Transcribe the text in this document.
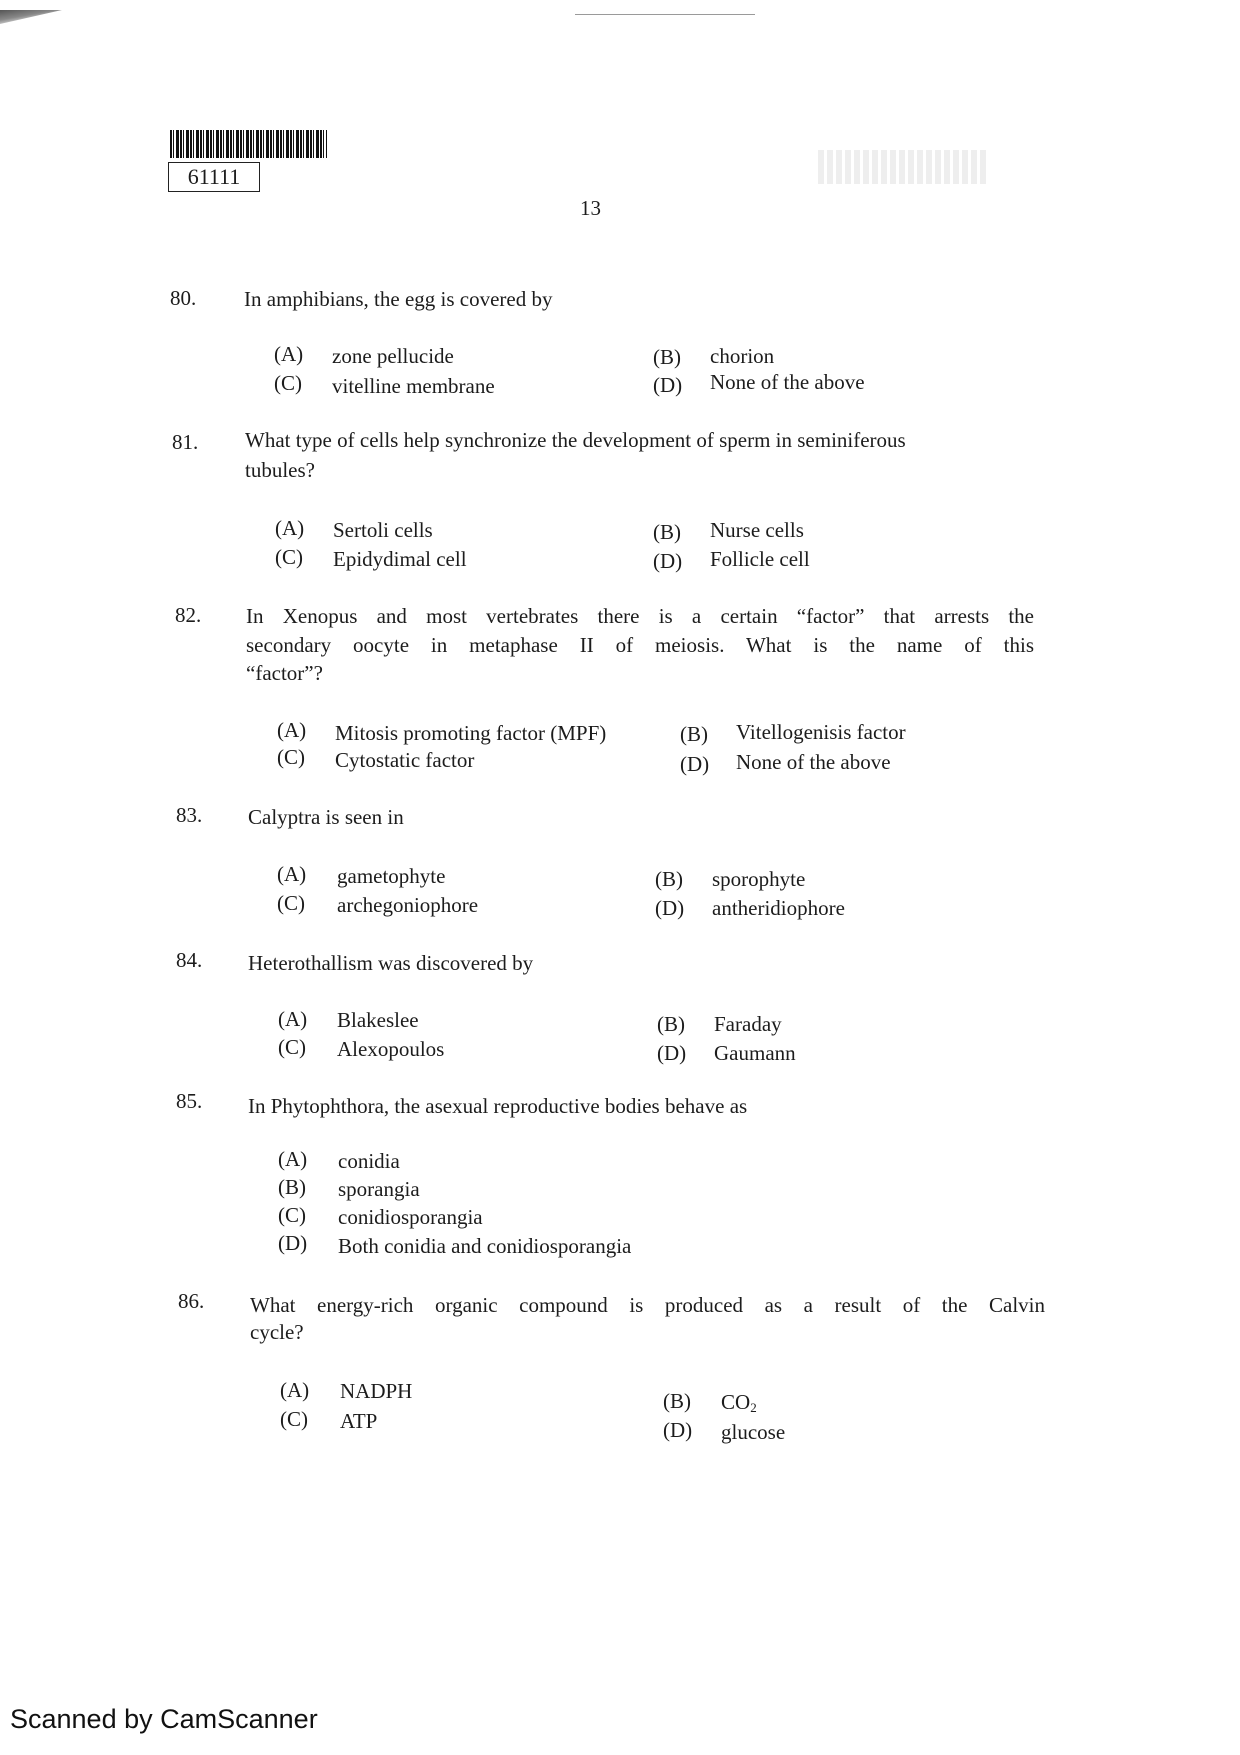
61111
13
80. In amphibians, the egg is covered by
(A) zone pellucide	(B) chorion
(C) vitelline membrane	(D) None of the above
81. What type of cells help synchronize the development of sperm in seminiferous
tubules?
(A) Sertoli cells	(B) Nurse cells
(C) Epidydimal cell	(D) Follicle cell
82. In Xenopus and most vertebrates there is a certain “factor” that arrests the
secondary oocyte in metaphase II of meiosis. What is the name of this
“factor”?
(A) Mitosis promoting factor (MPF)	(B) Vitellogenisis factor
(C) Cytostatic factor	(D) None of the above
83. Calyptra is seen in
(A) gametophyte	(B) sporophyte
(C) archegoniophore	(D) antheridiophore
84. Heterothallism was discovered by
(A) Blakeslee	(B) Faraday
(C) Alexopoulos	(D) Gaumann
85. In Phytophthora, the asexual reproductive bodies behave as
(A) conidia
(B) sporangia
(C) conidiosporangia
(D) Both conidia and conidiosporangia
86. What energy-rich organic compound is produced as a result of the Calvin
cycle?
(A) NADPH	(B) $CO_2$
(C) ATP	(D) glucose
Scanned by CamScanner
